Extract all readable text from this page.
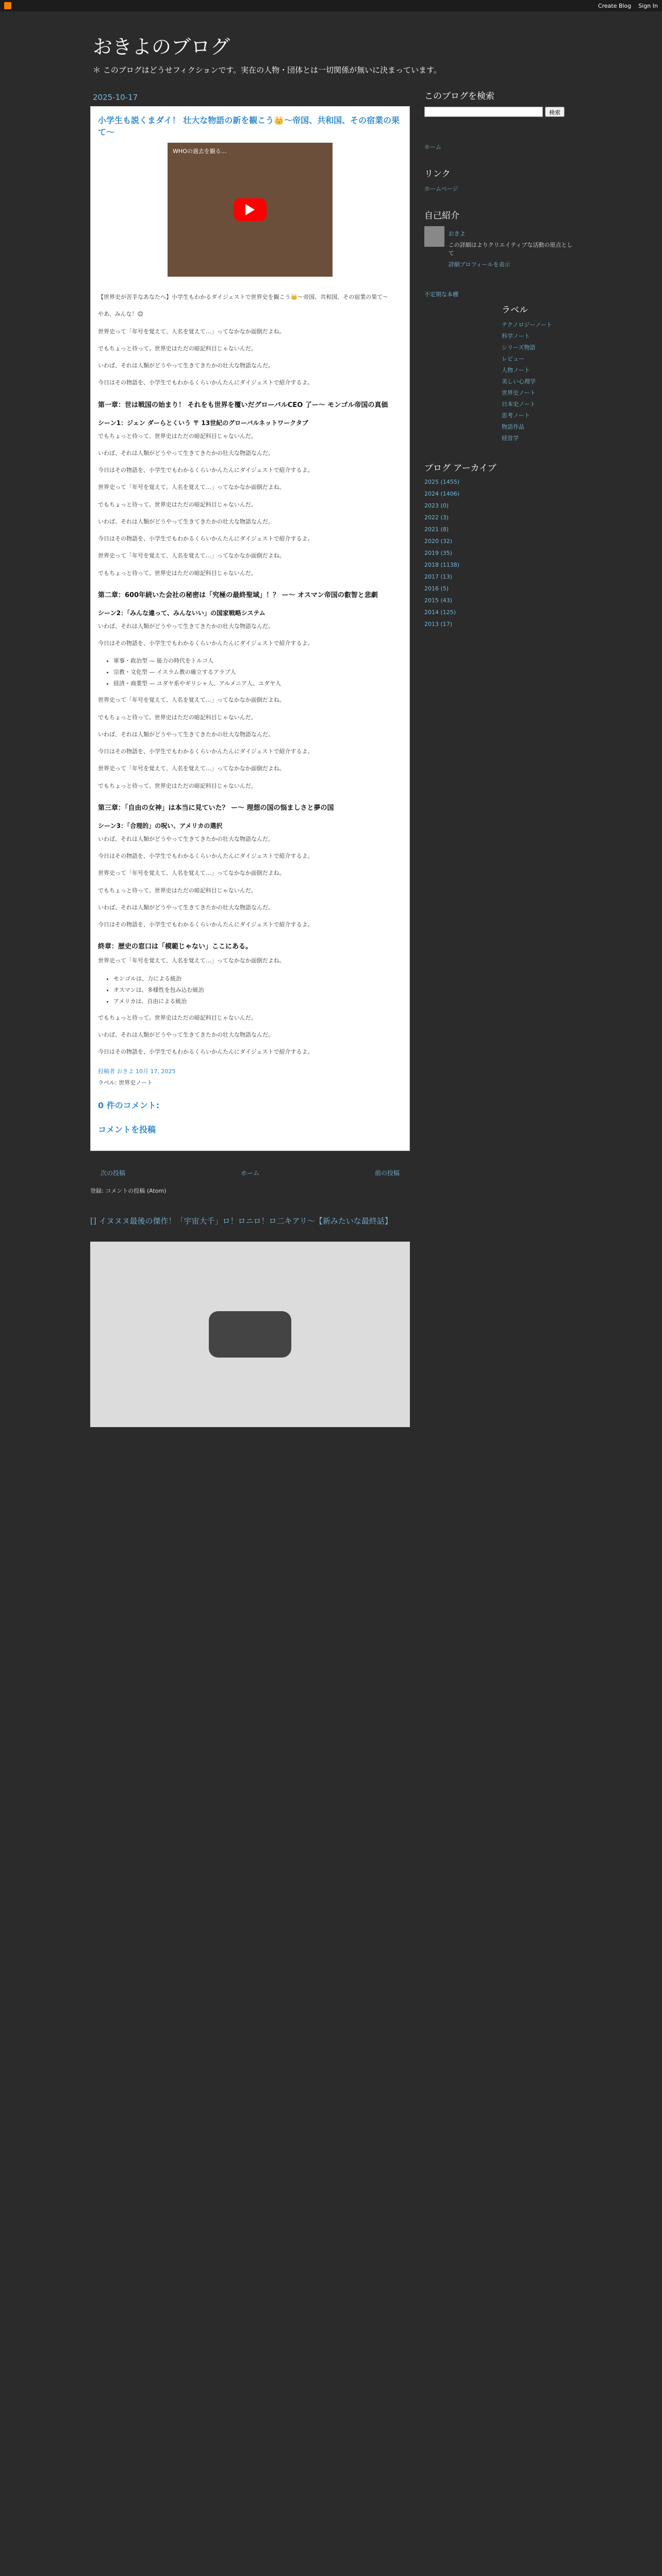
Create Blog Sign In
おきよのブログ

＊ このブログはどうせフィクションです。実在の人物・団体とは一切関係が無いに決まっています。

2025-10-17
小学生も説くまダイ！ 壮大な物語の新を観こう👑〜帝国、共和国、その宿業の果て〜
WHOの過去を観る...

【世界史が苦手なあなたへ】小学生もわかるダイジェストで世界史を観こう👑〜帝国、共和国、その宿業の果て〜

やあ、みんな！😊

世界史って「年号を覚えて、人名を覚えて…」ってなかなか面倒だよね。

でもちょっと待って。世界史はただの暗記科目じゃないんだ。

いわば、それは人類がどうやって生きてきたかの壮大な物語なんだ。

今日はその物語を、小学生でもわかるくらいかんたんにダイジェストで紹介するよ。

第一章：世は戦国の始まり！ それをも世界を覆いだグローバルCEO 了ー〜 モンゴル帝国の真価
シーン1：ジェン ダーらとくいう 〒 13世紀のグローバルネットワークタブ

でもちょっと待って。世界史はただの暗記科目じゃないんだ。

いわば、それは人類がどうやって生きてきたかの壮大な物語なんだ。

今日はその物語を、小学生でもわかるくらいかんたんにダイジェストで紹介するよ。

世界史って「年号を覚えて、人名を覚えて…」ってなかなか面倒だよね。

でもちょっと待って。世界史はただの暗記科目じゃないんだ。

いわば、それは人類がどうやって生きてきたかの壮大な物語なんだ。

今日はその物語を、小学生でもわかるくらいかんたんにダイジェストで紹介するよ。

世界史って「年号を覚えて、人名を覚えて…」ってなかなか面倒だよね。

でもちょっと待って。世界史はただの暗記科目じゃないんだ。

第二章：600年続いた会社の秘密は「究極の最終聖域」！？ ー〜 オスマン帝国の叡智と悲劇
シーン2：「みんな違って、みんないい」の国家戦略システム

いわば、それは人類がどうやって生きてきたかの壮大な物語なんだ。

今日はその物語を、小学生でもわかるくらいかんたんにダイジェストで紹介するよ。

• 軍事・政治型 — 能力の時代をトルコ人
• 宗教・文化型 — イスラム教の確立するアラブ人
• 経済・商業型 — ユダヤ系やギリシャ人、アルメニア人、ユダヤ人

世界史って「年号を覚えて、人名を覚えて…」ってなかなか面倒だよね。

でもちょっと待って。世界史はただの暗記科目じゃないんだ。

いわば、それは人類がどうやって生きてきたかの壮大な物語なんだ。

今日はその物語を、小学生でもわかるくらいかんたんにダイジェストで紹介するよ。

世界史って「年号を覚えて、人名を覚えて…」ってなかなか面倒だよね。

でもちょっと待って。世界史はただの暗記科目じゃないんだ。

第三章：「自由の女神」は本当に見ていた？ ー〜 理想の国の悩ましさと夢の国
シーン3：「合理的」の呪い、アメリカの選択

いわば、それは人類がどうやって生きてきたかの壮大な物語なんだ。

今日はその物語を、小学生でもわかるくらいかんたんにダイジェストで紹介するよ。

世界史って「年号を覚えて、人名を覚えて…」ってなかなか面倒だよね。

でもちょっと待って。世界史はただの暗記科目じゃないんだ。

いわば、それは人類がどうやって生きてきたかの壮大な物語なんだ。

今日はその物語を、小学生でもわかるくらいかんたんにダイジェストで紹介するよ。

終章：歴史の窓口は「模範じゃない」ここにある。

世界史って「年号を覚えて、人名を覚えて…」ってなかなか面倒だよね。

• モンゴルは、力による統治
• オスマンは、多様性を包み込む統治
• アメリカは、自由による統治

でもちょっと待って。世界史はただの暗記科目じゃないんだ。

いわば、それは人類がどうやって生きてきたかの壮大な物語なんだ。

今日はその物語を、小学生でもわかるくらいかんたんにダイジェストで紹介するよ。

投稿者 おきよ 10月 17, 2025
ラベル: 世界史ノート
0 件のコメント:
コメントを投稿
次の投稿	ホーム	前の投稿
登録: コメントの投稿 (Atom)
[] イヌヌヌ最後の傑作！「宇宙大千」ロ！ロニロ！ロ二キアリ〜【新みたいな最終話】
このブログを検索
検索
ホーム
リンク
ホームページ
自己紹介
おきよ
この詳細はよりクリエイティブな活動の原点として
詳細プロフィールを表示
不定期な本棚
ラベル
テクノロジーノート
科学ノート
シリーズ物語
レビュー
人物ノート
美しい心理学
世界史ノート
日本史ノート
思考ノート
物語作品
経営学
ブログ アーカイブ
2025 (1455)
2024 (1406)
2023 (0)
2022 (3)
2021 (8)
2020 (32)
2019 (35)
2018 (1138)
2017 (13)
2016 (5)
2015 (43)
2014 (125)
2013 (17)
